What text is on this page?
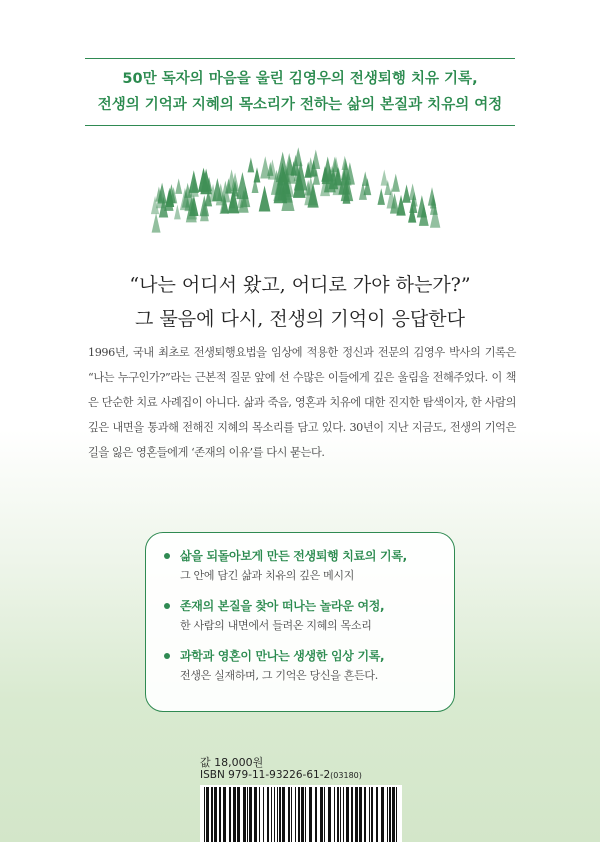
50만 독자의 마음을 울린 김영우의 전생퇴행 치유 기록,
전생의 기억과 지혜의 목소리가 전하는 삶의 본질과 치유의 여정
“나는 어디서 왔고, 어디로 가야 하는가?”
그 물음에 다시, 전생의 기억이 응답한다
1996년, 국내 최초로 전생퇴행요법을 임상에 적용한 정신과 전문의 김영우 박사의 기록은 “나는 누구인가?”라는 근본적 질문 앞에 선 수많은 이들에게 깊은 울림을 전해주었다. 이 책은 단순한 치료 사례집이 아니다. 삶과 죽음, 영혼과 치유에 대한 진지한 탐색이자, 한 사람의 깊은 내면을 통과해 전해진 지혜의 목소리를 담고 있다. 30년이 지난 지금도, 전생의 기억은 길을 잃은 영혼들에게 ‘존재의 이유’를 다시 묻는다.
삶을 되돌아보게 만든 전생퇴행 치료의 기록,
그 안에 담긴 삶과 치유의 깊은 메시지
존재의 본질을 찾아 떠나는 놀라운 여정,
한 사람의 내면에서 들려온 지혜의 목소리
과학과 영혼이 만나는 생생한 임상 기록,
전생은 실재하며, 그 기억은 당신을 흔든다.
값 18,000원
ISBN 979-11-93226-61-2(03180)
